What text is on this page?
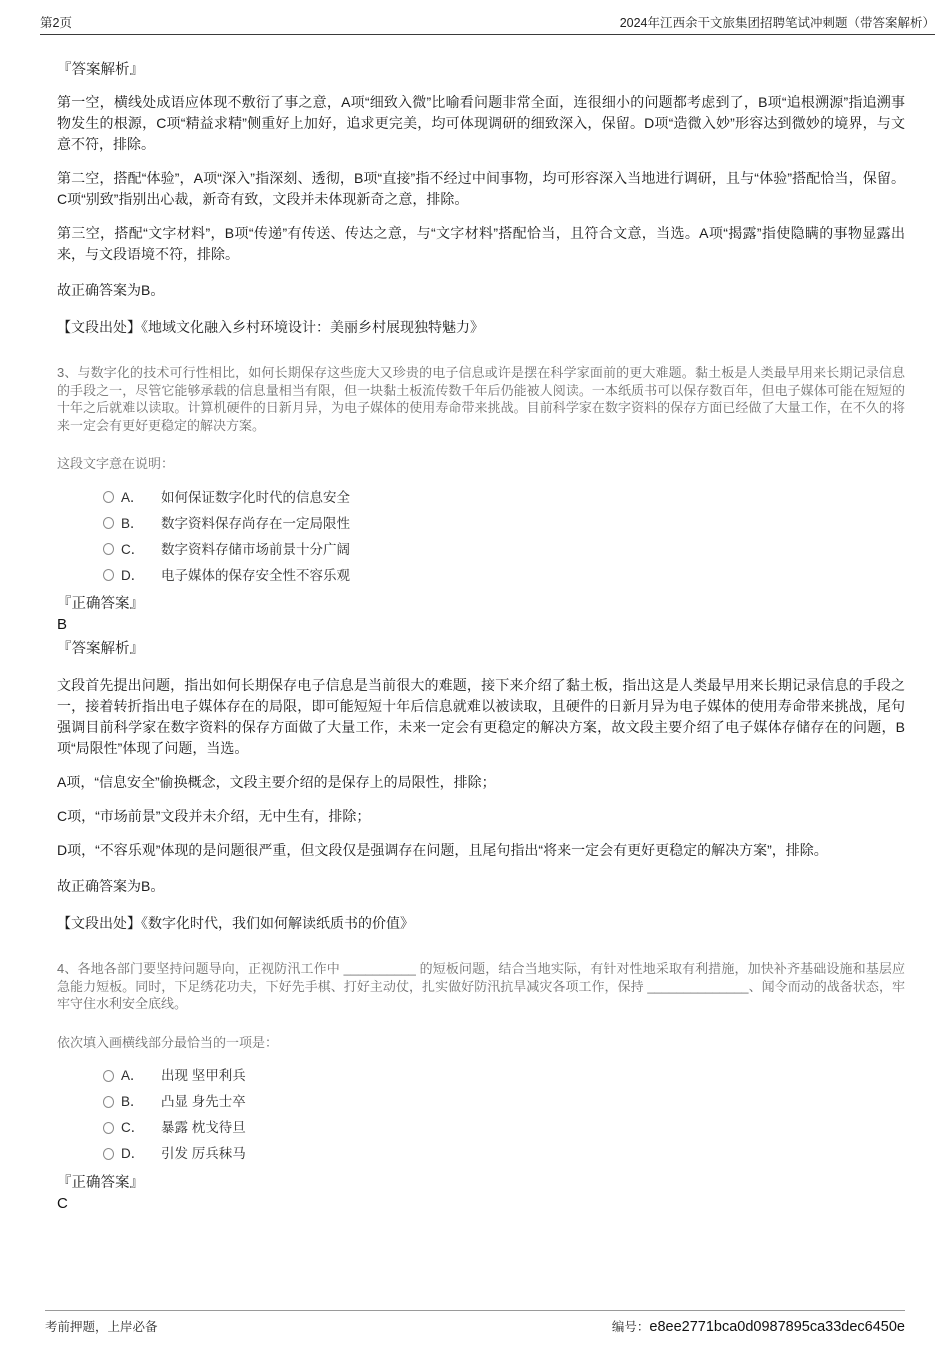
第2页	2024年江西余干文旅集团招聘笔试冲刺题（带答案解析）
『答案解析』
第一空，横线处成语应体现不敷衍了事之意，A项“细致入微”比喻看问题非常全面，连很细小的问题都考虑到了，B项“追根溯源”指追溯事物发生的根源，C项“精益求精”侧重好上加好，追求更完美，均可体现调研的细致深入，保留。D项“造微入妙”形容达到微妙的境界，与文意不符，排除。
第二空，搭配“体验”，A项“深入”指深刻、透彻，B项“直接”指不经过中间事物，均可形容深入当地进行调研，且与“体验”搭配恰当，保留。C项“别致”指别出心裁，新奇有致，文段并未体现新奇之意，排除。
第三空，搭配“文字材料”，B项“传递”有传送、传达之意，与“文字材料”搭配恰当，且符合文意，当选。A项“揭露”指使隐瞒的事物显露出来，与文段语境不符，排除。
故正确答案为B。
【文段出处】《地域文化融入乡村环境设计：美丽乡村展现独特魅力》
3、与数字化的技术可行性相比，如何长期保存这些庞大又珍贵的电子信息或许是摆在科学家面前的更大难题。黏土板是人类最早用来长期记录信息的手段之一，尽管它能够承载的信息量相当有限，但一块黏土板流传数千年后仍能被人阅读。一本纸质书可以保存数百年，但电子媒体可能在短短的十年之后就难以读取。计算机硬件的日新月异，为电子媒体的使用寿命带来挑战。目前科学家在数字资料的保存方面已经做了大量工作，在不久的将来一定会有更好更稳定的解决方案。
这段文字意在说明：
A．	如何保证数字化时代的信息安全
B．	数字资料保存尚存在一定局限性
C．	数字资料存储市场前景十分广阔
D．	电子媒体的保存安全性不容乐观
『正确答案』
B
『答案解析』
文段首先提出问题，指出如何长期保存电子信息是当前很大的难题，接下来介绍了黏土板，指出这是人类最早用来长期记录信息的手段之一，接着转折指出电子媒体存在的局限，即可能短短十年后信息就难以被读取，且硬件的日新月异为电子媒体的使用寿命带来挑战，尾句强调目前科学家在数字资料的保存方面做了大量工作，未来一定会有更稳定的解决方案，故文段主要介绍了电子媒体存储存在的问题，B项“局限性”体现了问题，当选。
A项，“信息安全”偷换概念，文段主要介绍的是保存上的局限性，排除；
C项，“市场前景”文段并未介绍，无中生有，排除；
D项，“不容乐观”体现的是问题很严重，但文段仅是强调存在问题，且尾句指出“将来一定会有更好更稳定的解决方案”，排除。
故正确答案为B。
【文段出处】《数字化时代，我们如何解读纸质书的价值》
4、各地各部门要坚持问题导向，正视防汛工作中 __________ 的短板问题，结合当地实际，有针对性地采取有利措施，加快补齐基础设施和基层应急能力短板。同时，下足绣花功夫，下好先手棋、打好主动仗，扎实做好防汛抗旱减灾各项工作，保持 ______________、闻令而动的战备状态，牢牢守住水利安全底线。
依次填入画横线部分最恰当的一项是：
A．	出现 坚甲利兵
B．	凸显 身先士卒
C．	暴露 枕戈待旦
D．	引发 厉兵秣马
『正确答案』
C
考前押题，上岸必备	编号：e8ee2771bca0d0987895ca33dec6450e
